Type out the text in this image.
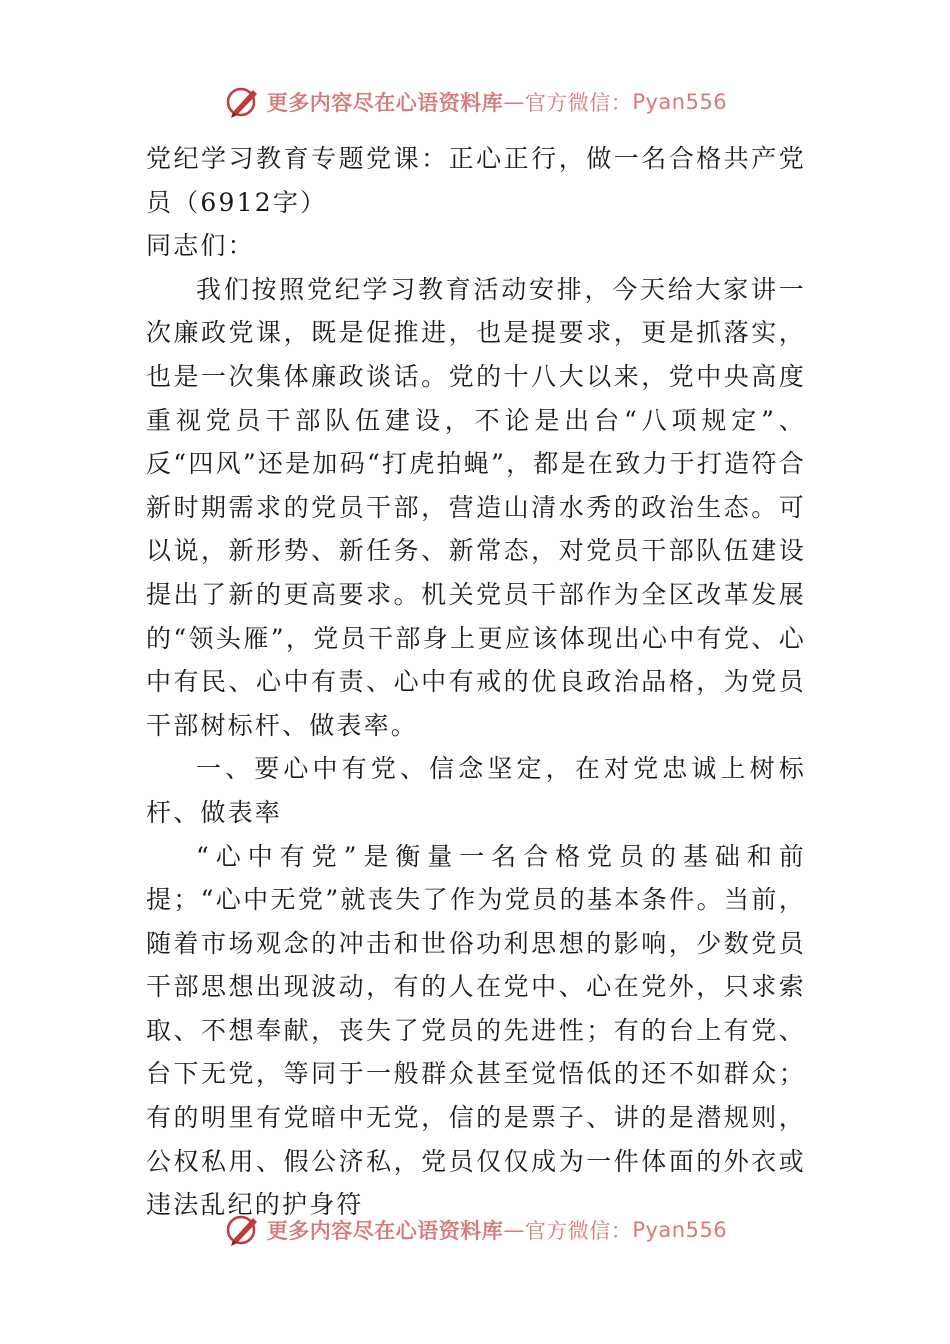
更多内容尽在心语资料库 — 官方微信： Pyan556

党纪学习教育专题党课：正心正行，做一名合格共产党员（6912字）

同志们：

我们按照党纪学习教育活动安排，今天给大家讲一次廉政党课，既是促推进，也是提要求，更是抓落实，也是一次集体廉政谈话。党的十八大以来，党中央高度重视党员干部队伍建设，不论是出台“八项规定”、反“四风”还是加码“打虎拍蝇”，都是在致力于打造符合新时期需求的党员干部，营造山清水秀的政治生态。可以说，新形势、新任务、新常态，对党员干部队伍建设提出了新的更高要求。机关党员干部作为全区改革发展的“领头雁”，党员干部身上更应该体现出心中有党、心中有民、心中有责、心中有戒的优良政治品格，为党员干部树标杆、做表率。

一、要心中有党、信念坚定，在对党忠诚上树标杆、做表率

“心中有党”是衡量一名合格党员的基础和前提；“心中无党”就丧失了作为党员的基本条件。当前，随着市场观念的冲击和世俗功利思想的影响，少数党员干部思想出现波动，有的人在党中、心在党外，只求索取、不想奉献，丧失了党员的先进性；有的台上有党、台下无党，等同于一般群众甚至觉悟低的还不如群众；有的明里有党暗中无党，信的是票子、讲的是潜规则，公权私用、假公济私，党员仅仅成为一件体面的外衣或违法乱纪的护身符

更多内容尽在心语资料库 — 官方微信： Pyan556
